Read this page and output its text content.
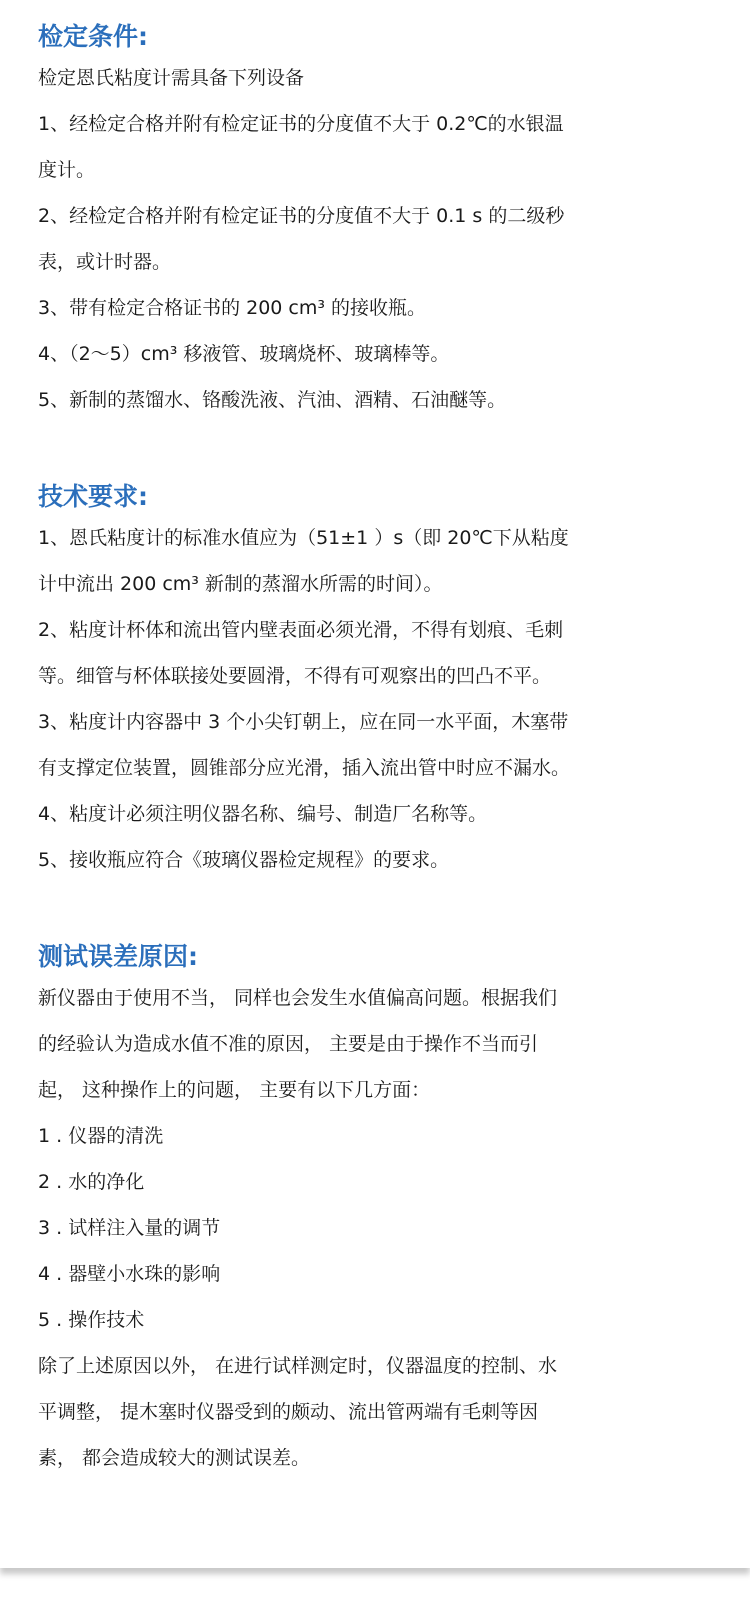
检定条件:
检定恩氏粘度计需具备下列设备
1、经检定合格并附有检定证书的分度值不大于 0.2℃的水银温
度计。
2、经检定合格并附有检定证书的分度值不大于 0.1 s 的二级秒
表，或计时器。
3、带有检定合格证书的 200 cm³ 的接收瓶。
4、（2～5）cm³ 移液管、玻璃烧杯、玻璃棒等。
5、新制的蒸馏水、铬酸洗液、汽油、酒精、石油醚等。
技术要求:
1、恩氏粘度计的标准水值应为（51±1 ）s（即 20℃下从粘度
计中流出 200 cm³ 新制的蒸溜水所需的时间）。
2、粘度计杯体和流出管内壁表面必须光滑，不得有划痕、毛刺
等。细管与杯体联接处要圆滑，不得有可观察出的凹凸不平。
3、粘度计内容器中 3 个小尖钉朝上，应在同一水平面，木塞带
有支撑定位装置，圆锥部分应光滑，插入流出管中时应不漏水。
4、粘度计必须注明仪器名称、编号、制造厂名称等。
5、接收瓶应符合《玻璃仪器检定规程》的要求。
测试误差原因:
新仪器由于使用不当， 同样也会发生水值偏高问题。根据我们
的经验认为造成水值不准的原因， 主要是由于操作不当而引
起， 这种操作上的问题， 主要有以下几方面：
1 . 仪器的清洗
2 . 水的净化
3 . 试样注入量的调节
4 . 器壁小水珠的影响
5 . 操作技术
除了上述原因以外， 在进行试样测定时，仪器温度的控制、水
平调整， 提木塞时仪器受到的颇动、流出管两端有毛刺等因
素， 都会造成较大的测试误差。
